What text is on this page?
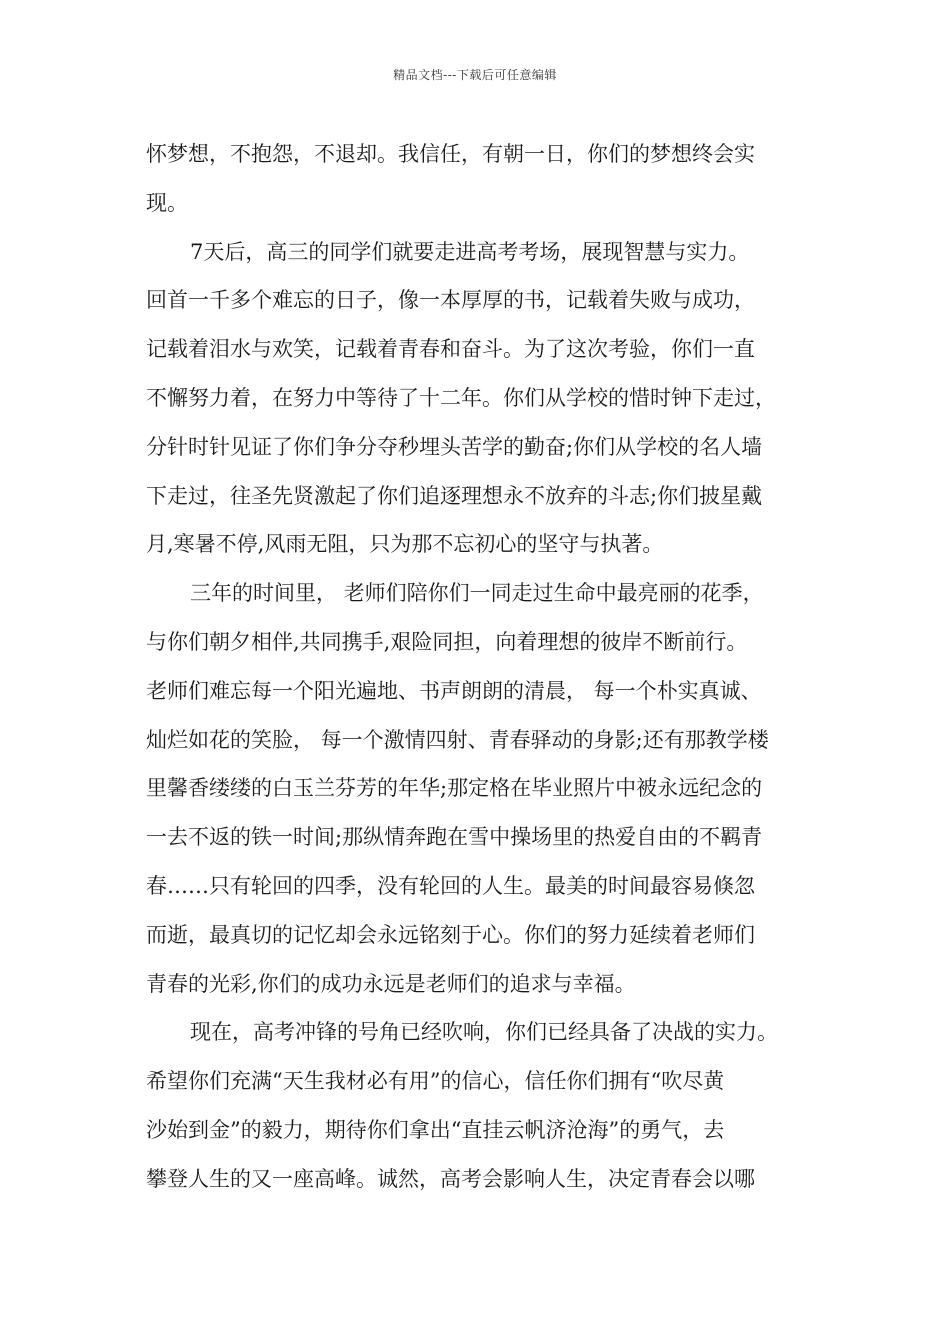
精品文档---下载后可任意编辑
怀梦想，不抱怨，不退却。我信任，有朝一日，你们的梦想终会实
现。
7天后，高三的同学们就要走进高考考场，展现智慧与实力。
回首一千多个难忘的日子，像一本厚厚的书，记载着失败与成功，
记载着泪水与欢笑，记载着青春和奋斗。为了这次考验，你们一直
不懈努力着，在努力中等待了十二年。你们从学校的惜时钟下走过，
分针时针见证了你们争分夺秒埋头苦学的勤奋;你们从学校的名人墙
下走过，往圣先贤激起了你们追逐理想永不放弃的斗志;你们披星戴
月,寒暑不停,风雨无阻，只为那不忘初心的坚守与执著。
三年的时间里， 老师们陪你们一同走过生命中最亮丽的花季，
与你们朝夕相伴,共同携手,艰险同担，向着理想的彼岸不断前行。
老师们难忘每一个阳光遍地、书声朗朗的清晨， 每一个朴实真诚、
灿烂如花的笑脸， 每一个激情四射、青春驿动的身影;还有那教学楼
里馨香缕缕的白玉兰芬芳的年华;那定格在毕业照片中被永远纪念的
一去不返的铁一时间;那纵情奔跑在雪中操场里的热爱自由的不羁青
春……只有轮回的四季，没有轮回的人生。最美的时间最容易倏忽
而逝，最真切的记忆却会永远铭刻于心。你们的努力延续着老师们
青春的光彩,你们的成功永远是老师们的追求与幸福。
现在，高考冲锋的号角已经吹响，你们已经具备了决战的实力。
希望你们充满“天生我材必有用”的信心，信任你们拥有“吹尽黄
沙始到金”的毅力，期待你们拿出“直挂云帆济沧海”的勇气，去
攀登人生的又一座高峰。诚然，高考会影响人生，决定青春会以哪
